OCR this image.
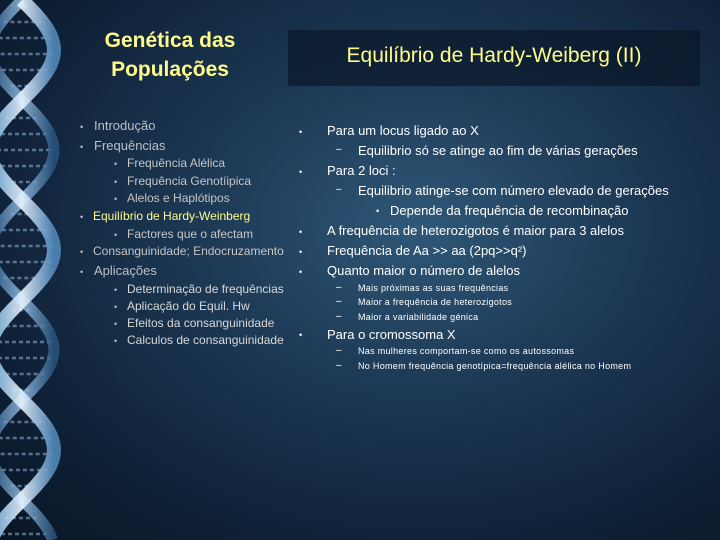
Genética das Populações
Equilíbrio de Hardy-Weiberg (II)
• Introdução
• Frequências
• Frequência Alélica
• Frequência Genotíipica
• Alelos e Haplótipos
• Equilíbrio de Hardy-Weinberg
• Factores que o afectam
• Consanguinidade; Endocruzamento
• Aplicações
• Determinação de frequências
• Aplicação do Equil. Hw
• Efeitos da consanguinidade
• Calculos de consanguinidade
• Para um locus ligado ao X
– Equilibrio só se atinge ao fim de várias gerações
• Para 2 loci :
– Equilibrio atinge-se com número elevado de gerações
• Depende da frequência de recombinação
• A frequência de heterozigotos é maior para 3 alelos
• Frequência de Aa >> aa (2pq>>q²)
• Quanto maior o número de alelos
– Mais próximas as suas frequências
– Maior a frequência de heterozigotos
– Maior a variabilidade génica
• Para o cromossoma X
– Nas mulheres comportam-se como os autossomas
– No Homem frequência genotípica=frequência alélica no Homem
